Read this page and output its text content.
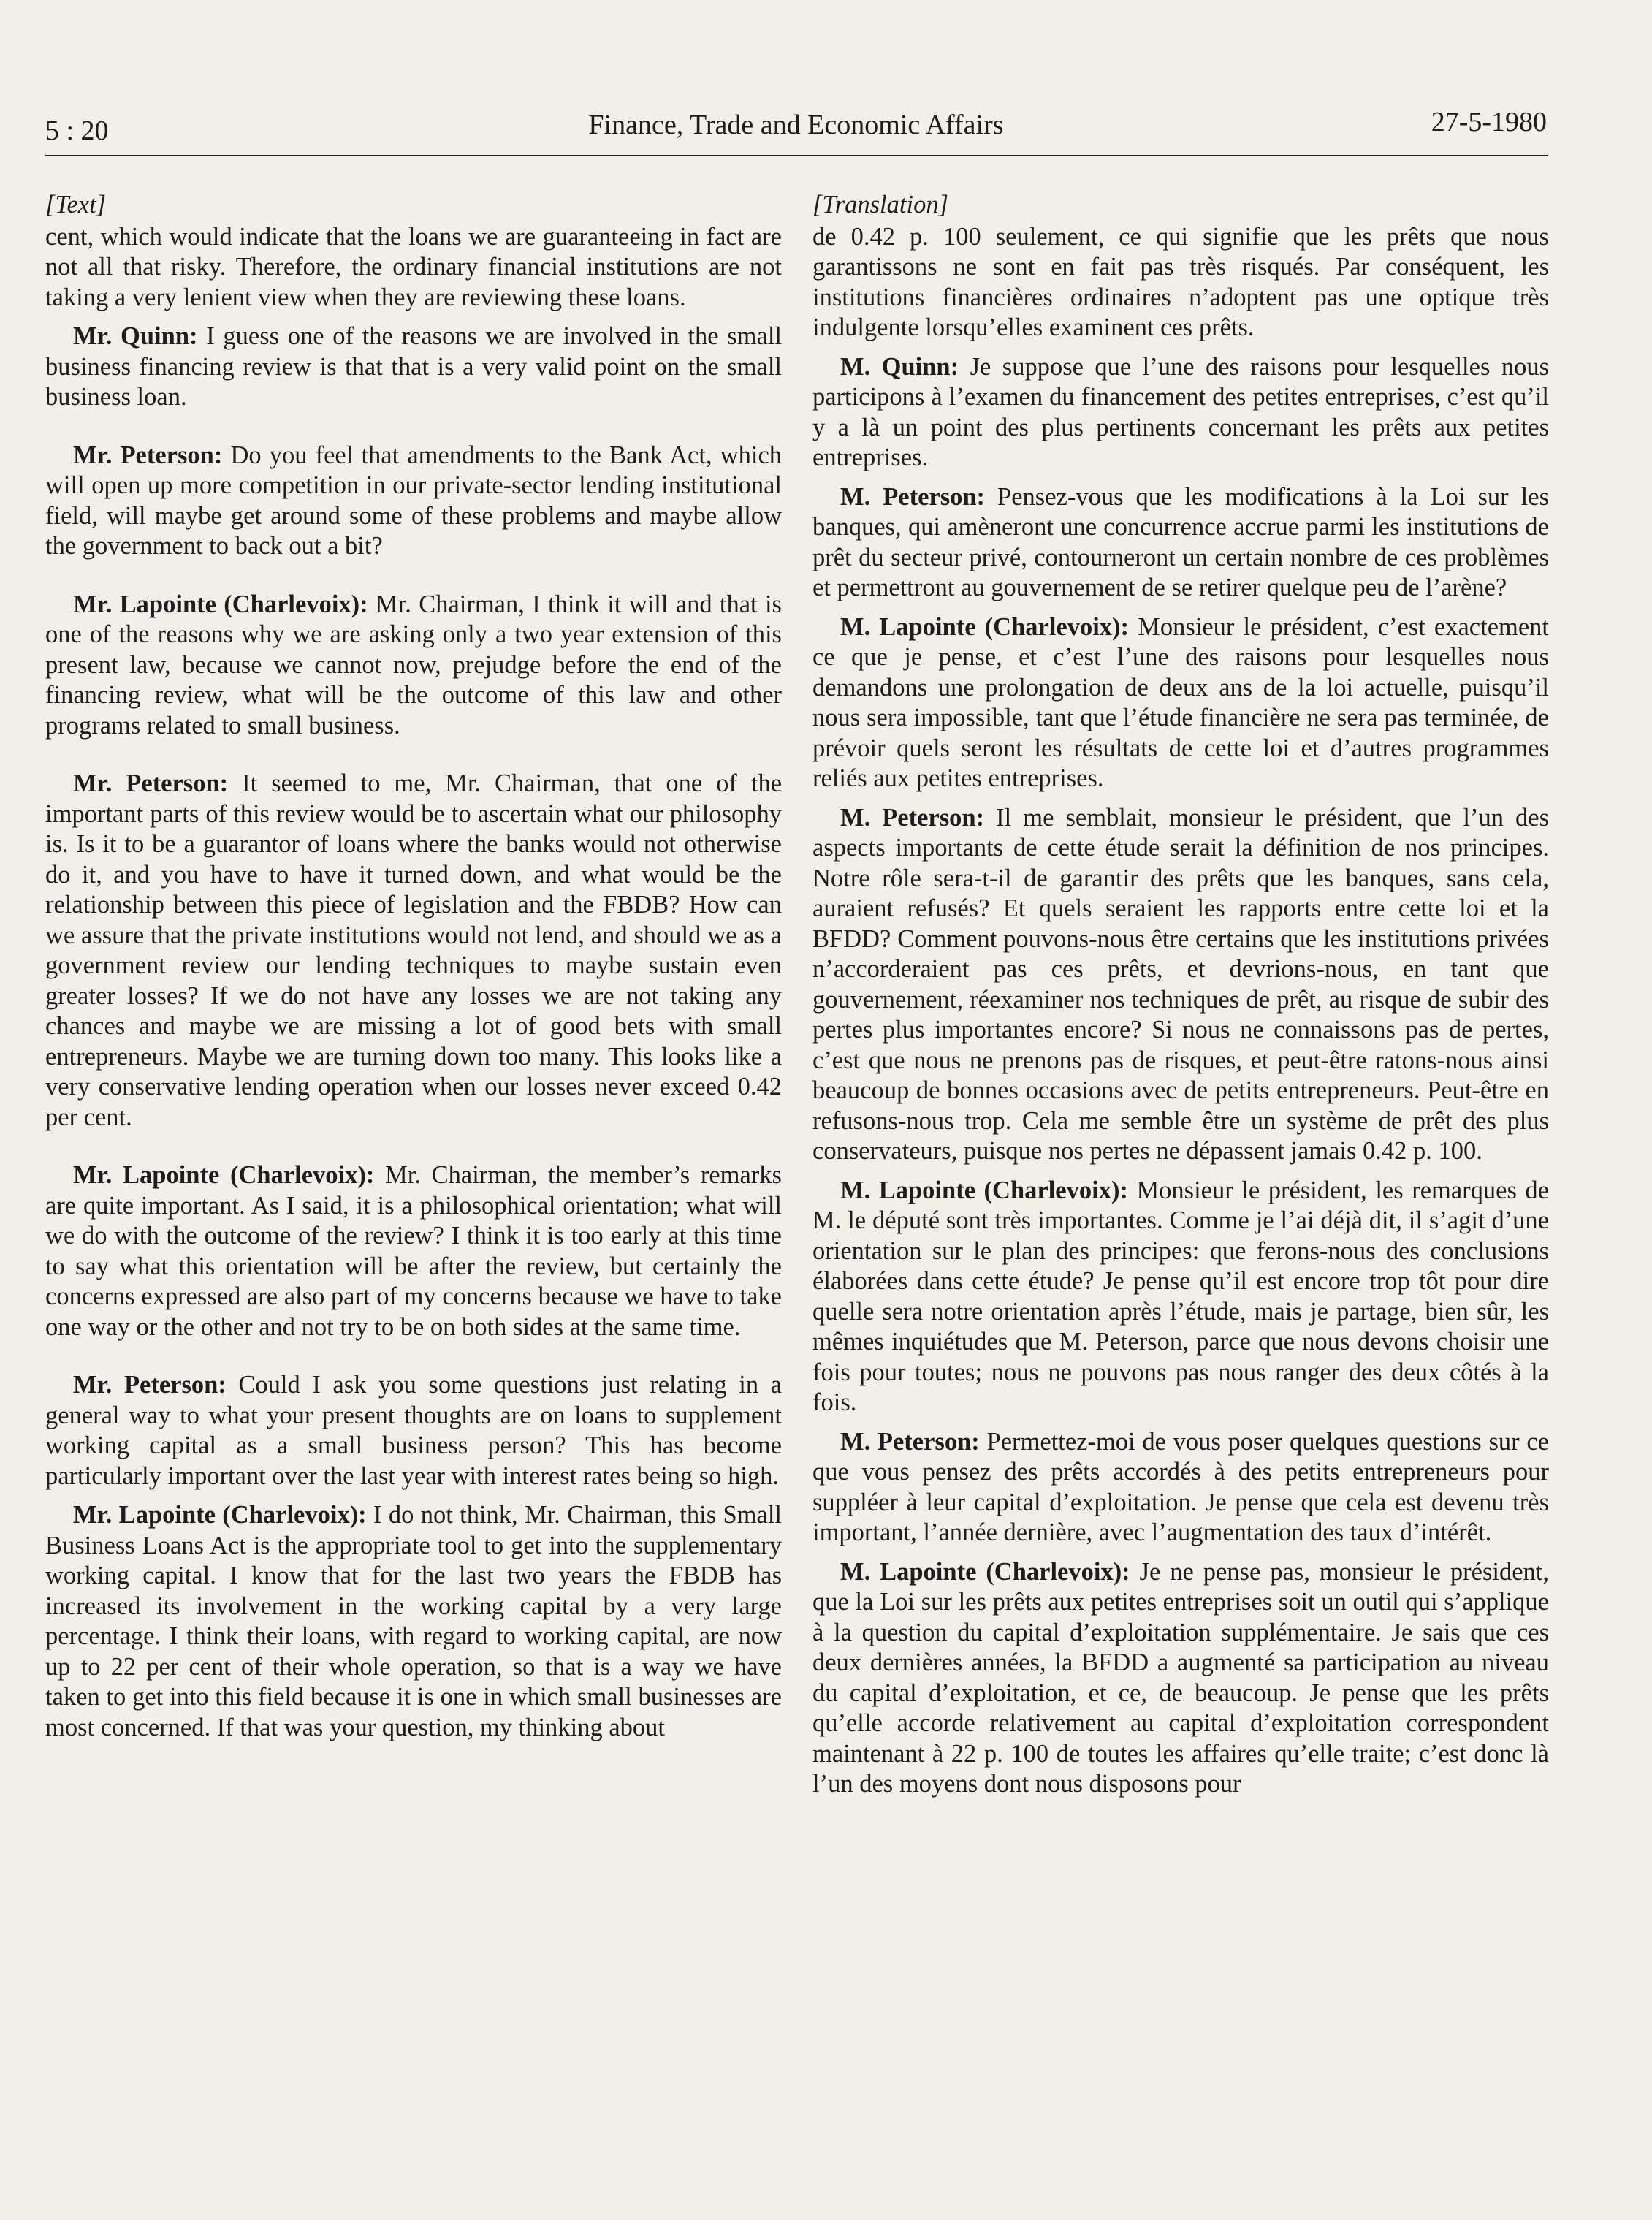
5 : 20	Finance, Trade and Economic Affairs	27-5-1980
[Text]

cent, which would indicate that the loans we are guaranteeing in fact are not all that risky. Therefore, the ordinary financial institutions are not taking a very lenient view when they are reviewing these loans.

Mr. Quinn: I guess one of the reasons we are involved in the small business financing review is that that is a very valid point on the small business loan.

Mr. Peterson: Do you feel that amendments to the Bank Act, which will open up more competition in our private-sector lending institutional field, will maybe get around some of these problems and maybe allow the government to back out a bit?

Mr. Lapointe (Charlevoix): Mr. Chairman, I think it will and that is one of the reasons why we are asking only a two year extension of this present law, because we cannot now, prejudge before the end of the financing review, what will be the outcome of this law and other programs related to small business.

Mr. Peterson: It seemed to me, Mr. Chairman, that one of the important parts of this review would be to ascertain what our philosophy is. Is it to be a guarantor of loans where the banks would not otherwise do it, and you have to have it turned down, and what would be the relationship between this piece of legislation and the FBDB? How can we assure that the private institutions would not lend, and should we as a government review our lending techniques to maybe sustain even greater losses? If we do not have any losses we are not taking any chances and maybe we are missing a lot of good bets with small entrepreneurs. Maybe we are turning down too many. This looks like a very conservative lending operation when our losses never exceed 0.42 per cent.

Mr. Lapointe (Charlevoix): Mr. Chairman, the member’s remarks are quite important. As I said, it is a philosophical orientation; what will we do with the outcome of the review? I think it is too early at this time to say what this orientation will be after the review, but certainly the concerns expressed are also part of my concerns because we have to take one way or the other and not try to be on both sides at the same time.

Mr. Peterson: Could I ask you some questions just relating in a general way to what your present thoughts are on loans to supplement working capital as a small business person? This has become particularly important over the last year with interest rates being so high.

Mr. Lapointe (Charlevoix): I do not think, Mr. Chairman, this Small Business Loans Act is the appropriate tool to get into the supplementary working capital. I know that for the last two years the FBDB has increased its involvement in the working capital by a very large percentage. I think their loans, with regard to working capital, are now up to 22 per cent of their whole operation, so that is a way we have taken to get into this field because it is one in which small businesses are most concerned. If that was your question, my thinking about

[Translation]

de 0.42 p. 100 seulement, ce qui signifie que les prêts que nous garantissons ne sont en fait pas très risqués. Par conséquent, les institutions financières ordinaires n’adoptent pas une optique très indulgente lorsqu’elles examinent ces prêts.

M. Quinn: Je suppose que l’une des raisons pour lesquelles nous participons à l’examen du financement des petites entreprises, c’est qu’il y a là un point des plus pertinents concernant les prêts aux petites entreprises.

M. Peterson: Pensez-vous que les modifications à la Loi sur les banques, qui amèneront une concurrence accrue parmi les institutions de prêt du secteur privé, contourneront un certain nombre de ces problèmes et permettront au gouvernement de se retirer quelque peu de l’arène?

M. Lapointe (Charlevoix): Monsieur le président, c’est exactement ce que je pense, et c’est l’une des raisons pour lesquelles nous demandons une prolongation de deux ans de la loi actuelle, puisqu’il nous sera impossible, tant que l’étude financière ne sera pas terminée, de prévoir quels seront les résultats de cette loi et d’autres programmes reliés aux petites entreprises.

M. Peterson: Il me semblait, monsieur le président, que l’un des aspects importants de cette étude serait la définition de nos principes. Notre rôle sera-t-il de garantir des prêts que les banques, sans cela, auraient refusés? Et quels seraient les rapports entre cette loi et la BFDD? Comment pouvons-nous être certains que les institutions privées n’accorderaient pas ces prêts, et devrions-nous, en tant que gouvernement, réexaminer nos techniques de prêt, au risque de subir des pertes plus importantes encore? Si nous ne connaissons pas de pertes, c’est que nous ne prenons pas de risques, et peut-être ratons-nous ainsi beaucoup de bonnes occasions avec de petits entrepreneurs. Peut-être en refusons-nous trop. Cela me semble être un système de prêt des plus conservateurs, puisque nos pertes ne dépassent jamais 0.42 p. 100.

M. Lapointe (Charlevoix): Monsieur le président, les remarques de M. le député sont très importantes. Comme je l’ai déjà dit, il s’agit d’une orientation sur le plan des principes: que ferons-nous des conclusions élaborées dans cette étude? Je pense qu’il est encore trop tôt pour dire quelle sera notre orientation après l’étude, mais je partage, bien sûr, les mêmes inquiétudes que M. Peterson, parce que nous devons choisir une fois pour toutes; nous ne pouvons pas nous ranger des deux côtés à la fois.

M. Peterson: Permettez-moi de vous poser quelques questions sur ce que vous pensez des prêts accordés à des petits entrepreneurs pour suppléer à leur capital d’exploitation. Je pense que cela est devenu très important, l’année dernière, avec l’augmentation des taux d’intérêt.

M. Lapointe (Charlevoix): Je ne pense pas, monsieur le président, que la Loi sur les prêts aux petites entreprises soit un outil qui s’applique à la question du capital d’exploitation supplémentaire. Je sais que ces deux dernières années, la BFDD a augmenté sa participation au niveau du capital d’exploitation, et ce, de beaucoup. Je pense que les prêts qu’elle accorde relativement au capital d’exploitation correspondent maintenant à 22 p. 100 de toutes les affaires qu’elle traite; c’est donc là l’un des moyens dont nous disposons pour
